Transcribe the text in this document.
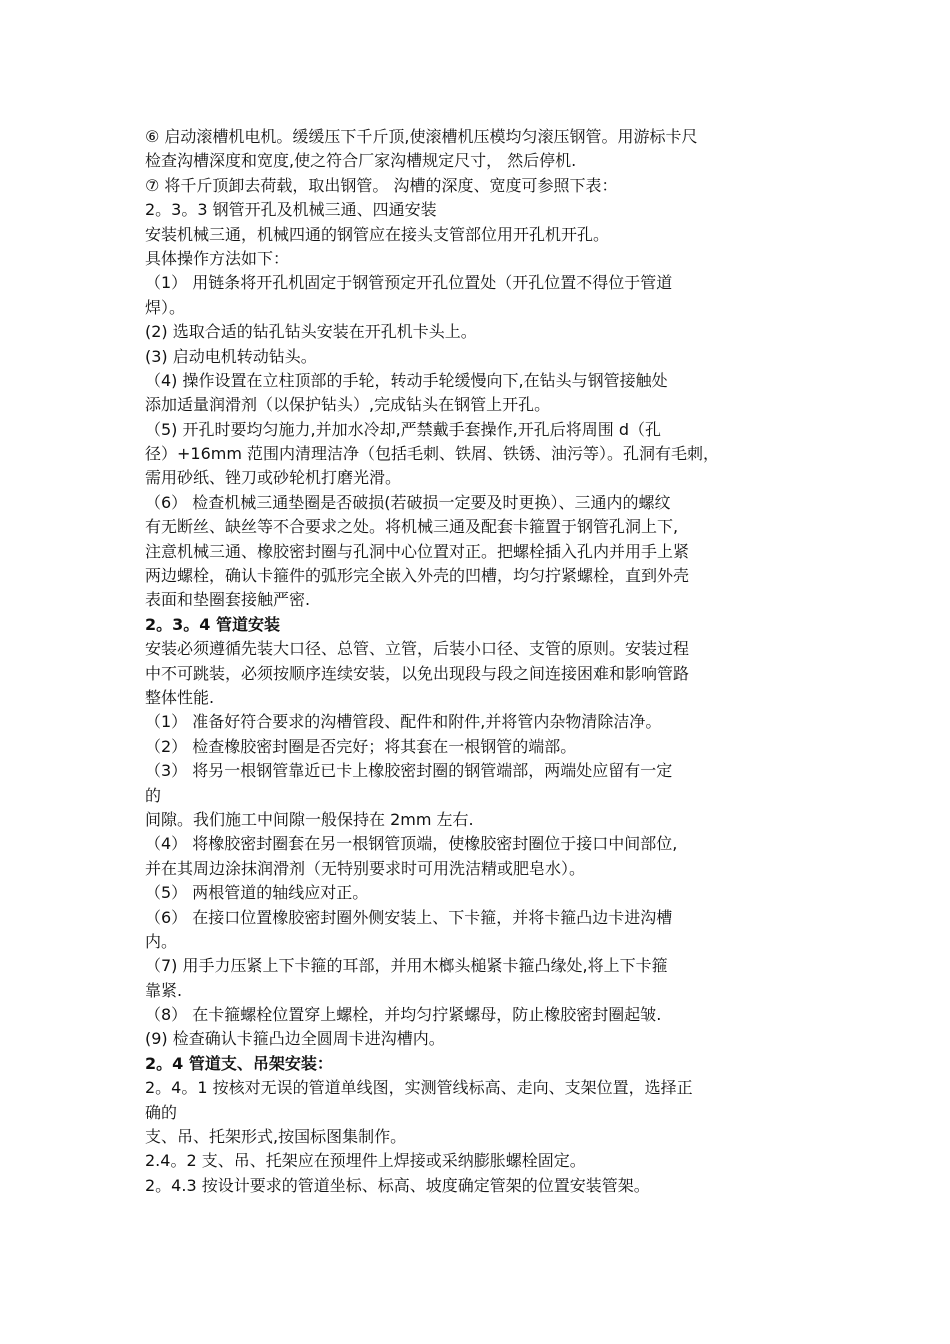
⑥ 启动滚槽机电机。缓缓压下千斤顶,使滚槽机压模均匀滚压钢管。用游标卡尺
检查沟槽深度和宽度,使之符合厂家沟槽规定尺寸， 然后停机.
⑦ 将千斤顶卸去荷载，取出钢管。 沟槽的深度、宽度可参照下表：
2。3。3 钢管开孔及机械三通、四通安装
安装机械三通，机械四通的钢管应在接头支管部位用开孔机开孔。
具体操作方法如下：
（1） 用链条将开孔机固定于钢管预定开孔位置处（开孔位置不得位于管道
焊）。
(2) 选取合适的钻孔钻头安装在开孔机卡头上。
(3) 启动电机转动钻头。
（4) 操作设置在立柱顶部的手轮，转动手轮缓慢向下,在钻头与钢管接触处
添加适量润滑剂（以保护钻头）,完成钻头在钢管上开孔。
（5) 开孔时要均匀施力,并加水冷却,严禁戴手套操作,开孔后将周围 d（孔
径）+16mm 范围内清理洁净（包括毛刺、铁屑、铁锈、油污等）。孔洞有毛刺，
需用砂纸、锉刀或砂轮机打磨光滑。
（6） 检查机械三通垫圈是否破损(若破损一定要及时更换）、三通内的螺纹
有无断丝、缺丝等不合要求之处。将机械三通及配套卡箍置于钢管孔洞上下,
注意机械三通、橡胶密封圈与孔洞中心位置对正。把螺栓插入孔内并用手上紧
两边螺栓，确认卡箍件的弧形完全嵌入外壳的凹槽，均匀拧紧螺栓，直到外壳
表面和垫圈套接触严密.
2。3。4 管道安装
安装必须遵循先装大口径、总管、立管，后装小口径、支管的原则。安装过程
中不可跳装，必须按顺序连续安装，以免出现段与段之间连接困难和影响管路
整体性能.
（1） 准备好符合要求的沟槽管段、配件和附件,并将管内杂物清除洁净。
（2） 检查橡胶密封圈是否完好；将其套在一根钢管的端部。
（3） 将另一根钢管靠近已卡上橡胶密封圈的钢管端部，两端处应留有一定
的
间隙。我们施工中间隙一般保持在 2mm 左右.
（4） 将橡胶密封圈套在另一根钢管顶端，使橡胶密封圈位于接口中间部位,
并在其周边涂抹润滑剂（无特别要求时可用洗洁精或肥皂水）。
（5） 两根管道的轴线应对正。
（6） 在接口位置橡胶密封圈外侧安装上、下卡箍，并将卡箍凸边卡进沟槽
内。
（7) 用手力压紧上下卡箍的耳部，并用木榔头槌紧卡箍凸缘处,将上下卡箍
靠紧.
（8） 在卡箍螺栓位置穿上螺栓，并均匀拧紧螺母，防止橡胶密封圈起皱.
(9) 检查确认卡箍凸边全圆周卡进沟槽内。
2。4 管道支、吊架安装：
2。4。1 按核对无误的管道单线图，实测管线标高、走向、支架位置，选择正
确的
支、吊、托架形式,按国标图集制作。
2.4。2 支、吊、托架应在预埋件上焊接或采纳膨胀螺栓固定。
2。4.3 按设计要求的管道坐标、标高、坡度确定管架的位置安装管架。
